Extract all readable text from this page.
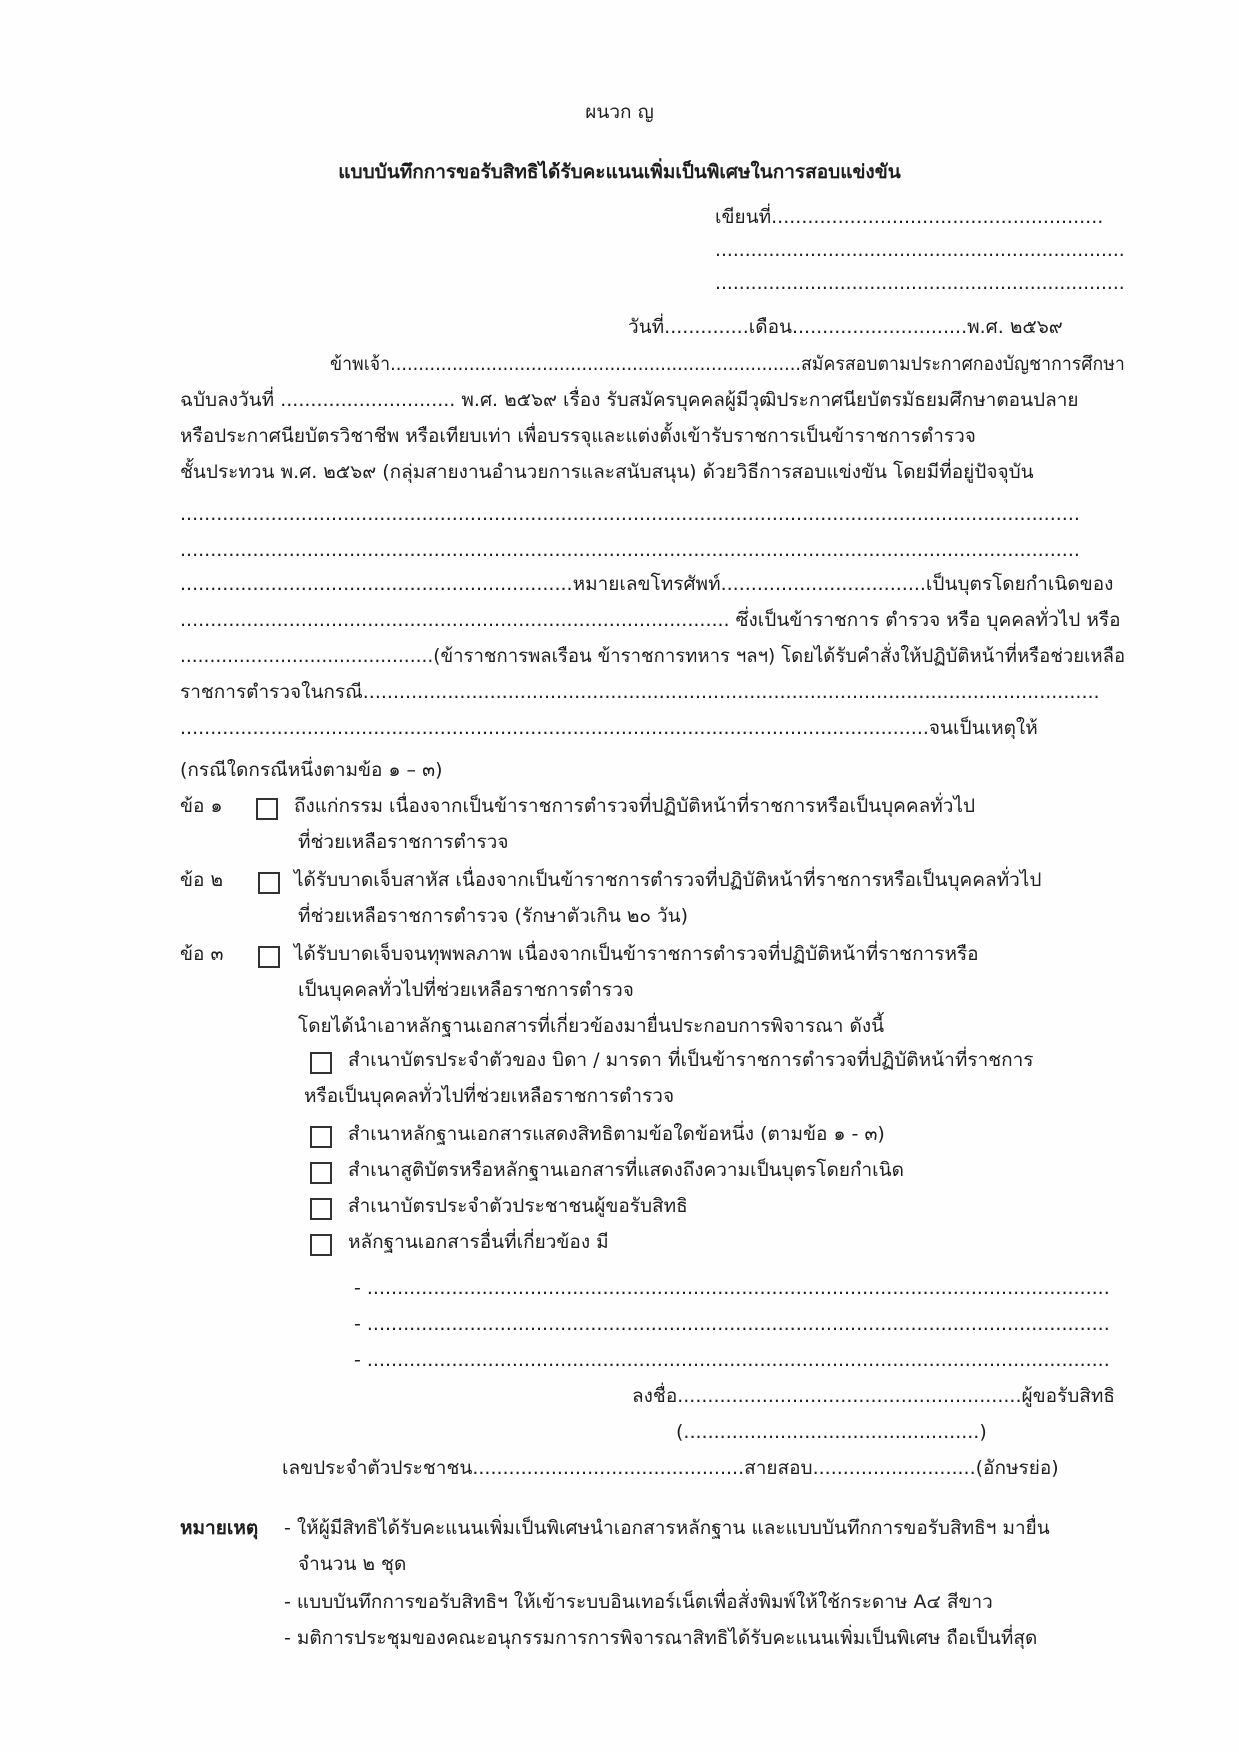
ผนวก ญ
แบบบันทึกการขอรับสิทธิได้รับคะแนนเพิ่มเป็นพิเศษในการสอบแข่งขัน
เขียนที่.......................................................
.....................................................................
.....................................................................
วันที่..............เดือน.............................พ.ศ. ๒๕๖๙
ข้าพเจ้า.........................................................................สมัครสอบตามประกาศกองบัญชาการศึกษา
ฉบับลงวันที่ ............................. พ.ศ. ๒๕๖๙ เรื่อง รับสมัครบุคคลผู้มีวุฒิประกาศนียบัตรมัธยมศึกษาตอนปลาย
หรือประกาศนียบัตรวิชาชีพ หรือเทียบเท่า เพื่อบรรจุและแต่งตั้งเข้ารับราชการเป็นข้าราชการตำรวจ
ชั้นประทวน พ.ศ. ๒๕๖๙ (กลุ่มสายงานอำนวยการและสนับสนุน) ด้วยวิธีการสอบแข่งขัน โดยมีที่อยู่ปัจจุบัน
.....................................................................................................................................................
.....................................................................................................................................................
.................................................................หมายเลขโทรศัพท์..................................เป็นบุตรโดยกำเนิดของ
........................................................................................... ซึ่งเป็นข้าราชการ ตำรวจ หรือ บุคคลทั่วไป หรือ
...........................................(ข้าราชการพลเรือน ข้าราชการทหาร ฯลฯ) โดยได้รับคำสั่งให้ปฏิบัติหน้าที่หรือช่วยเหลือ
ราชการตำรวจในกรณี..........................................................................................................................
............................................................................................................................จนเป็นเหตุให้
(กรณีใดกรณีหนึ่งตามข้อ ๑ – ๓)
ข้อ ๑	ถึงแก่กรรม เนื่องจากเป็นข้าราชการตำรวจที่ปฏิบัติหน้าที่ราชการหรือเป็นบุคคลทั่วไป
ที่ช่วยเหลือราชการตำรวจ
ข้อ ๒	ได้รับบาดเจ็บสาหัส เนื่องจากเป็นข้าราชการตำรวจที่ปฏิบัติหน้าที่ราชการหรือเป็นบุคคลทั่วไป
ที่ช่วยเหลือราชการตำรวจ (รักษาตัวเกิน ๒๐ วัน)
ข้อ ๓	ได้รับบาดเจ็บจนทุพพลภาพ เนื่องจากเป็นข้าราชการตำรวจที่ปฏิบัติหน้าที่ราชการหรือ
เป็นบุคคลทั่วไปที่ช่วยเหลือราชการตำรวจ
โดยได้นำเอาหลักฐานเอกสารที่เกี่ยวข้องมายื่นประกอบการพิจารณา ดังนี้
สำเนาบัตรประจำตัวของ บิดา / มารดา ที่เป็นข้าราชการตำรวจที่ปฏิบัติหน้าที่ราชการ
หรือเป็นบุคคลทั่วไปที่ช่วยเหลือราชการตำรวจ
สำเนาหลักฐานเอกสารแสดงสิทธิตามข้อใดข้อหนึ่ง (ตามข้อ ๑ - ๓)
สำเนาสูติบัตรหรือหลักฐานเอกสารที่แสดงถึงความเป็นบุตรโดยกำเนิด
สำเนาบัตรประจำตัวประชาชนผู้ขอรับสิทธิ
หลักฐานเอกสารอื่นที่เกี่ยวข้อง มี
- ...........................................................................................................................
- ...........................................................................................................................
- ...........................................................................................................................
ลงชื่อ.........................................................ผู้ขอรับสิทธิ
(.................................................)
เลขประจำตัวประชาชน.............................................สายสอบ...........................(อักษรย่อ)
หมายเหตุ - ให้ผู้มีสิทธิได้รับคะแนนเพิ่มเป็นพิเศษนำเอกสารหลักฐาน และแบบบันทึกการขอรับสิทธิฯ มายื่น
จำนวน ๒ ชุด
- แบบบันทึกการขอรับสิทธิฯ ให้เข้าระบบอินเทอร์เน็ตเพื่อสั่งพิมพ์ให้ใช้กระดาษ A๔ สีขาว
- มติการประชุมของคณะอนุกรรมการการพิจารณาสิทธิได้รับคะแนนเพิ่มเป็นพิเศษ ถือเป็นที่สุด
